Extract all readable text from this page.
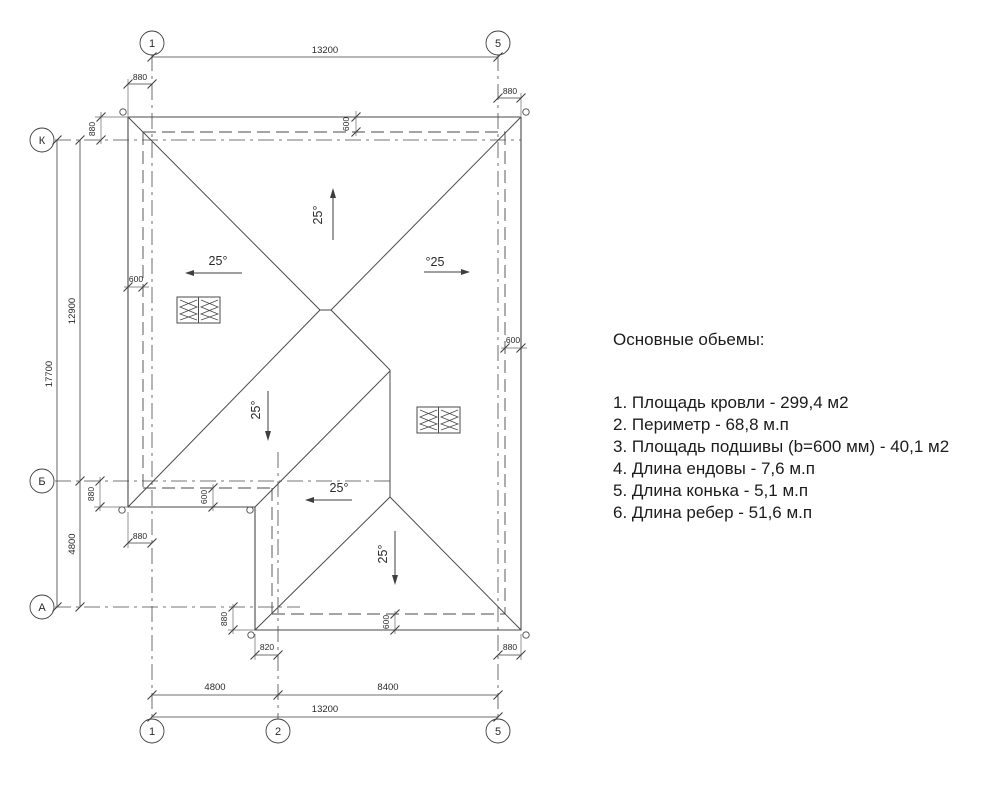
13200
880
880
600
17700
12900
4800
880
600
880
880
600
880
820	880
600
600
4800	8400
13200
25°
25°	°25
25°
25°
25°
1	5
К
Б
А
1	2	5

Основные обьемы:

1. Площадь кровли - 299,4 м2
2. Периметр - 68,8 м.п
3. Площадь подшивы (b=600 мм) - 40,1 м2
4. Длина ендовы - 7,6 м.п
5. Длина конька - 5,1 м.п
6. Длина ребер - 51,6 м.п
